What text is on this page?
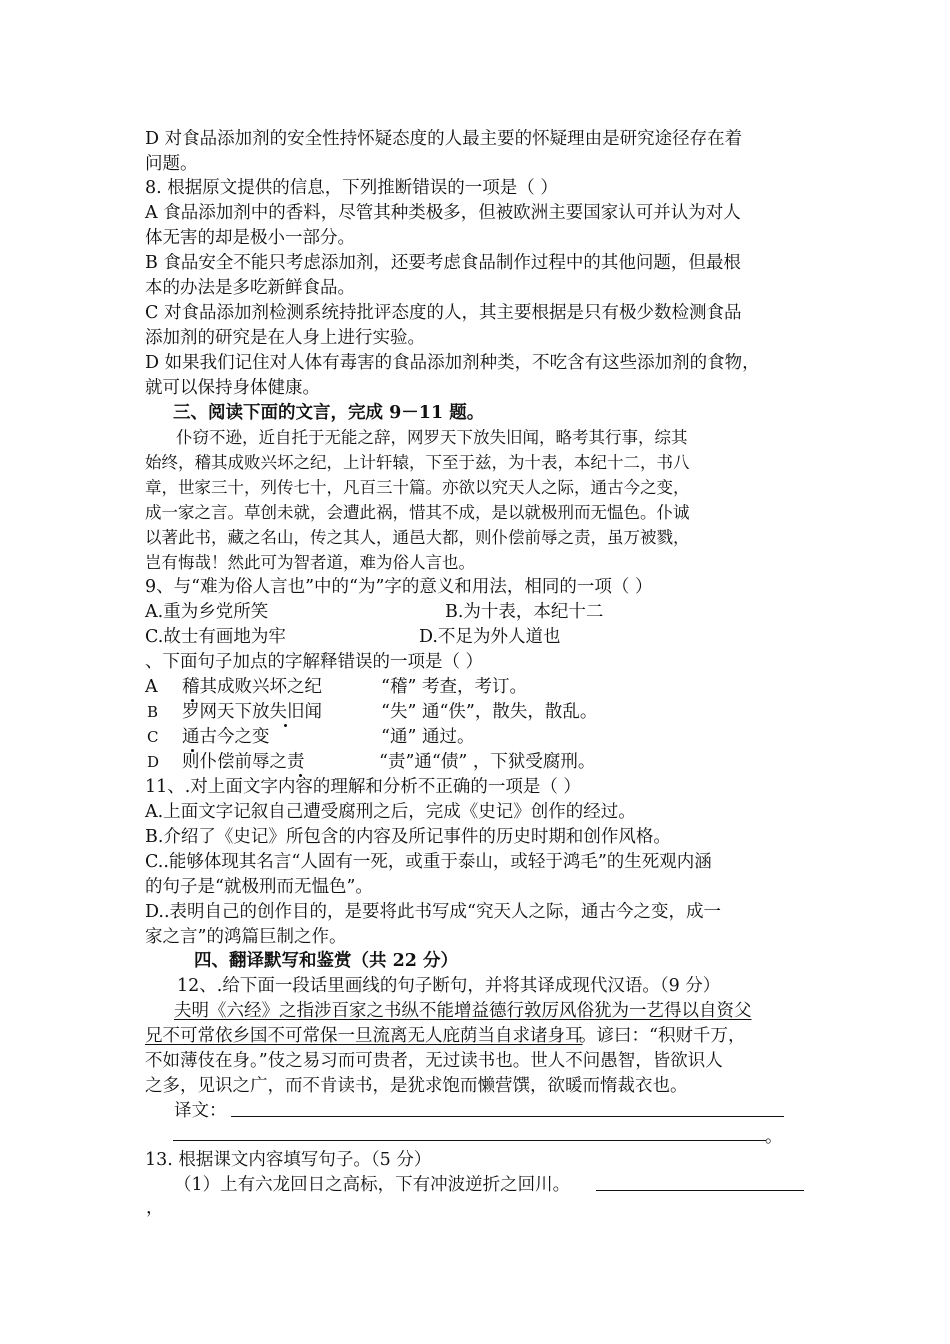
D 对食品添加剂的安全性持怀疑态度的人最主要的怀疑理由是研究途径存在着
问题。
8. 根据原文提供的信息，下列推断错误的一项是（ ）
A 食品添加剂中的香料，尽管其种类极多，但被欧洲主要国家认可并认为对人
体无害的却是极小一部分。
B 食品安全不能只考虑添加剂，还要考虑食品制作过程中的其他问题，但最根
本的办法是多吃新鲜食品。
C 对食品添加剂检测系统持批评态度的人，其主要根据是只有极少数检测食品
添加剂的研究是在人身上进行实验。
D 如果我们记住对人体有毒害的食品添加剂种类，不吃含有这些添加剂的食物，
就可以保持身体健康。
三、阅读下面的文言，完成 9－11 题。
仆窃不逊，近自托于无能之辞，网罗天下放失旧闻，略考其行事，综其
始终，稽其成败兴坏之纪，上计轩辕，下至于兹，为十表，本纪十二，书八
章，世家三十，列传七十，凡百三十篇。亦欲以究天人之际，通古今之变，
成一家之言。草创未就，会遭此祸，惜其不成，是以就极刑而无愠色。仆诚
以著此书，藏之名山，传之其人，通邑大都，则仆偿前辱之责，虽万被戮，
岂有悔哉！然此可为智者道，难为俗人言也。
9、与“难为俗人言也”中的“为”字的意义和用法，相同的一项（ ）
A.重为乡党所笑	B.为十表，本纪十二
C.故士有画地为牢	D.不足为外人道也
、下面句子加点的字解释错误的一项是（ ）
A 稽其成败兴坏之纪	“稽” 考查，考订。
B 罗网天下放失旧闻	“失” 通“佚”，散失，散乱。
C 通古今之变	“通” 通过。
D 则仆偿前辱之责	“责”通“债” ，下狱受腐刑。
11、.对上面文字内容的理解和分析不正确的一项是（ ）
A.上面文字记叙自己遭受腐刑之后，完成《史记》创作的经过。
B.介绍了《史记》所包含的内容及所记事件的历史时期和创作风格。
C..能够体现其名言“人固有一死，或重于泰山，或轻于鸿毛”的生死观内涵
的句子是“就极刑而无愠色”。
D..表明自己的创作目的，是要将此书写成“究天人之际，通古今之变，成一
家之言”的鸿篇巨制之作。
四、翻译默写和鉴赏（共 22 分）
12、.给下面一段话里画线的句子断句，并将其译成现代汉语。（9 分）
夫明《六经》之指涉百家之书纵不能增益德行敦厉风俗犹为一艺得以自资父
兄不可常依乡国不可常保一旦流离无人庇荫当自求诸身耳
。谚曰：“积财千万，
不如薄伎在身。”伎之易习而可贵者，无过读书也。世人不问愚智，皆欲识人
之多，见识之广，而不肯读书，是犹求饱而懒营馔，欲暖而惰裁衣也。
译文：
。
13. 根据课文内容填写句子。（5 分）
（1）上有六龙回日之高标，下有冲波逆折之回川。
，
